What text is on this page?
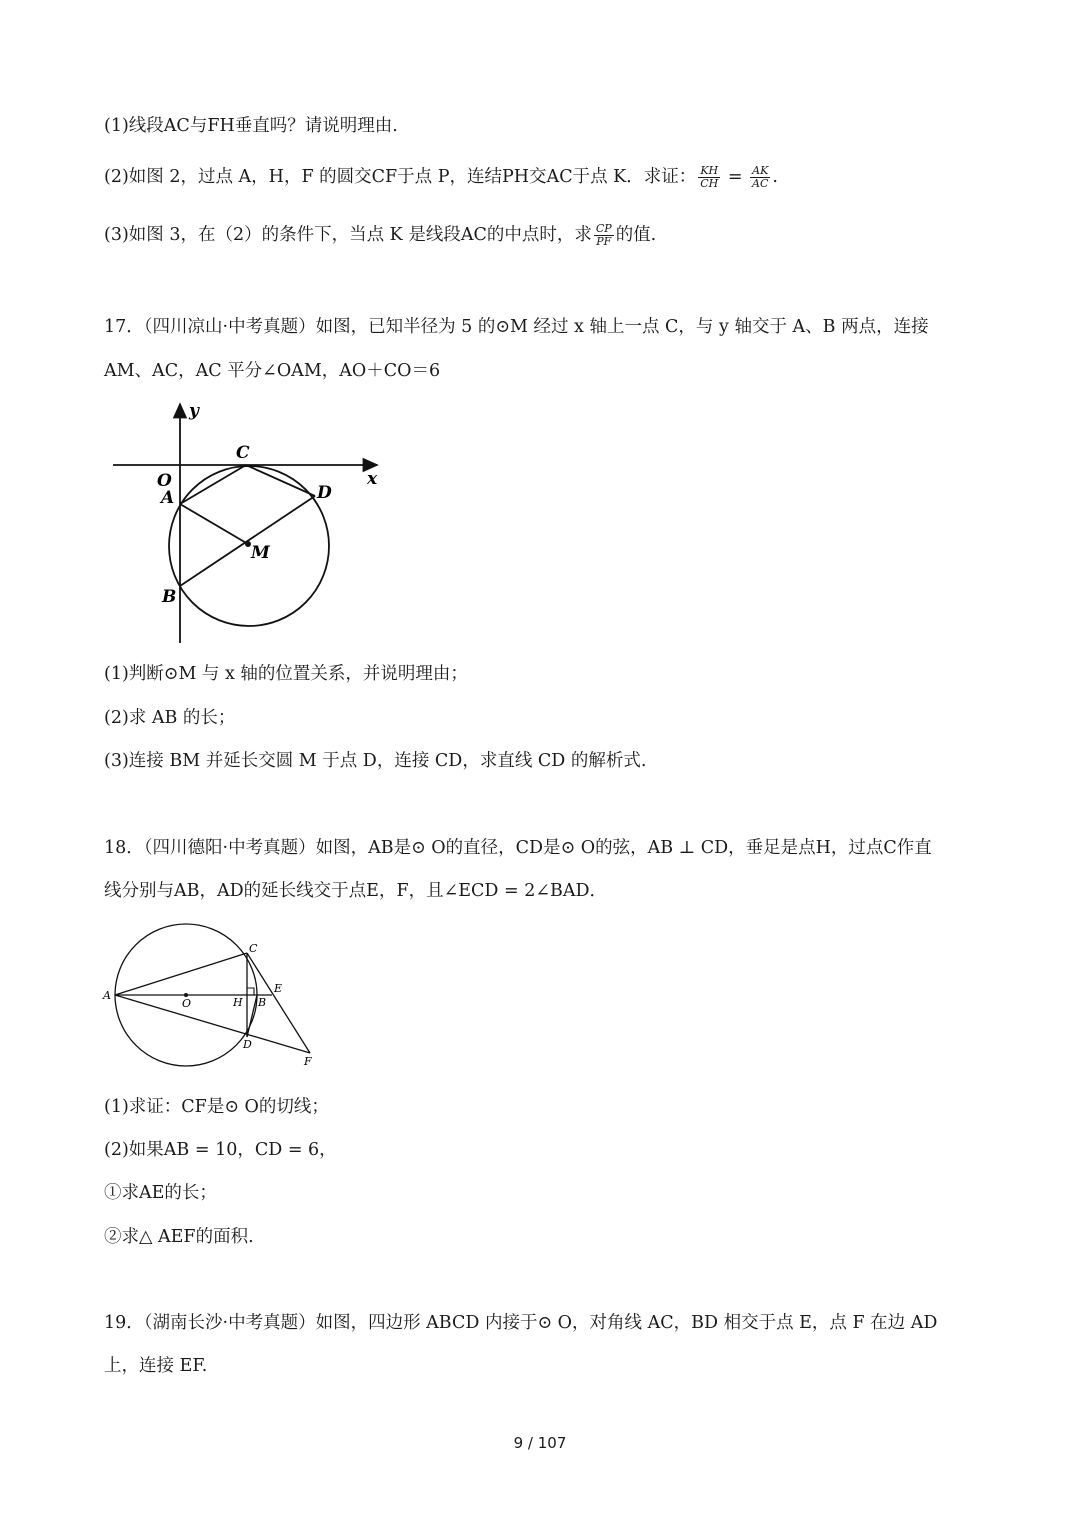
(1)线段AC与FH垂直吗？请说明理由.
(2)如图 2，过点 A，H，F 的圆交CF于点 P，连结PH交AC于点 K．求证： $\frac{KH}{CH} = \frac{AK}{AC}$ .
(3)如图 3，在（2）的条件下，当点 K 是线段AC的中点时，求 $\frac{CP}{PF}$ 的值.
17．（四川凉山·中考真题）如图，已知半径为 5 的⊙M 经过 x 轴上一点 C，与 y 轴交于 A、B 两点，连接
AM、AC，AC 平分∠OAM，AO＋CO＝6
y
x
O
C
A	D
M
B
(1)判断⊙M 与 x 轴的位置关系，并说明理由；
(2)求 AB 的长；
(3)连接 BM 并延长交圆 M 于点 D，连接 CD，求直线 CD 的解析式.
18．（四川德阳·中考真题）如图，AB是⊙ O的直径，CD是⊙ O的弦，AB ⊥ CD，垂足是点H，过点C作直
线分别与AB，AD的延长线交于点E，F，且∠ECD = 2∠BAD．
A
O	H B
C
D
E
F
(1)求证：CF是⊙ O的切线；
(2)如果AB = 10，CD = 6，
①求AE的长；
②求△ AEF的面积.
19．（湖南长沙·中考真题）如图，四边形 ABCD 内接于⊙ O，对角线 AC，BD 相交于点 E，点 F 在边 AD
上，连接 EF.
9 / 107
